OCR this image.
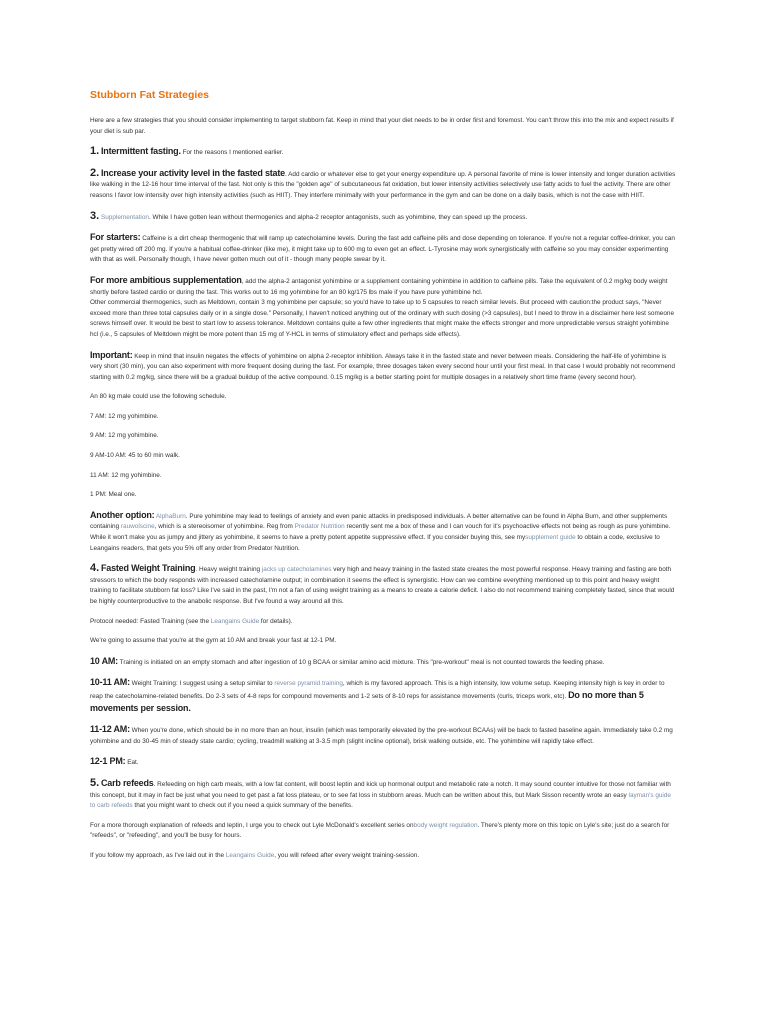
Stubborn Fat Strategies

Here are a few strategies that you should consider implementing to target stubborn fat. Keep in mind that your diet needs to be in order first and foremost. You can't throw this into the mix and expect results if your diet is sub par.

1. Intermittent fasting. For the reasons I mentioned earlier.

2. Increase your activity level in the fasted state. Add cardio or whatever else to get your energy expenditure up. A personal favorite of mine is lower intensity and longer duration activities like walking in the 12-16 hour time interval of the fast. Not only is this the "golden age" of subcutaneous fat oxidation, but lower intensity activities selectively use fatty acids to fuel the activity. There are other reasons I favor low intensity over high intensity activities (such as HIIT). They interfere minimally with your performance in the gym and can be done on a daily basis, which is not the case with HIIT.

3. Supplementation. While I have gotten lean without thermogenics and alpha-2 receptor antagonists, such as yohimbine, they can speed up the process.

For starters: Caffeine is a dirt cheap thermogenic that will ramp up catecholamine levels. During the fast add caffeine pills and dose depending on tolerance. If you're not a regular coffee-drinker, you can get pretty wired off 200 mg. If you're a habitual coffee-drinker (like me), it might take up to 600 mg to even get an effect. L-Tyrosine may work synergistically with caffeine so you may consider experimenting with that as well. Personally though, I have never gotten much out of it - though many people swear by it.

For more ambitious supplementation, add the alpha-2 antagonist yohimbine or a supplement containing yohimbine in addition to caffeine pills. Take the equivalent of 0.2 mg/kg body weight shortly before fasted cardio or during the fast. This works out to 16 mg yohimbine for an 80 kg/175 lbs male if you have pure yohimbine hcl.
Other commercial thermogenics, such as Meltdown, contain 3 mg yohimbine per capsule; so you'd have to take up to 5 capsules to reach similar levels. But proceed with caution:the product says, "Never exceed more than three total capsules daily or in a single dose." Personally, I haven't noticed anything out of the ordinary with such dosing (>3 capsules), but I need to throw in a disclaimer here lest someone screws himself over. It would be best to start low to assess tolerance. Meltdown contains quite a few other ingredients that might make the effects stronger and more unpredictable versus straight yohimbine hcl (i.e., 5 capsules of Meltdown might be more potent than 15 mg of Y-HCL in terms of stimulatory effect and perhaps side effects).

Important: Keep in mind that insulin negates the effects of yohimbine on alpha 2-receptor inhibition. Always take it in the fasted state and never between meals. Considering the half-life of yohimbine is very short (30 min), you can also experiment with more frequent dosing during the fast. For example, three dosages taken every second hour until your first meal. In that case I would probably not recommend starting with 0.2 mg/kg, since there will be a gradual buildup of the active compound. 0.15 mg/kg is a better starting point for multiple dosages in a relatively short time frame (every second hour).

An 80 kg male could use the following schedule.

7 AM: 12 mg yohimbine.

9 AM: 12 mg yohimbine.

9 AM-10 AM: 45 to 60 min walk.

11 AM: 12 mg yohimbine.

1 PM: Meal one.

Another option: AlphaBurn. Pure yohimbine may lead to feelings of anxiety and even panic attacks in predisposed individuals. A better alternative can be found in Alpha Burn, and other supplements containing rauwolscine, which is a stereoisomer of yohimbine. Reg from Predator Nutrition recently sent me a box of these and I can vouch for it's psychoactive effects not being as rough as pure yohimbine. While it won't make you as jumpy and jittery as yohimbine, it seems to have a pretty potent appetite suppressive effect. If you consider buying this, see mysupplement guide to obtain a code, exclusive to Leangains readers, that gets you 5% off any order from Predator Nutrition.

4. Fasted Weight Training. Heavy weight training jacks up catecholamines very high and heavy training in the fasted state creates the most powerful response. Heavy training and fasting are both stressors to which the body responds with increased catecholamine output; in combination it seems the effect is synergistic. How can we combine everything mentioned up to this point and heavy weight training to facilitate stubborn fat loss? Like I've said in the past, I'm not a fan of using weight training as a means to create a calorie deficit. I also do not recommend training completely fasted, since that would be highly counterproductive to the anabolic response. But I've found a way around all this.

Protocol needed: Fasted Training (see the Leangains Guide for details).

We're going to assume that you're at the gym at 10 AM and break your fast at 12-1 PM.

10 AM: Training is initiated on an empty stomach and after ingestion of 10 g BCAA or similar amino acid mixture. This "pre-workout" meal is not counted towards the feeding phase.

10-11 AM: Weight Training: I suggest using a setup similar to reverse pyramid training, which is my favored approach. This is a high intensity, low volume setup. Keeping intensity high is key in order to reap the catecholamine-related benefits. Do 2-3 sets of 4-8 reps for compound movements and 1-2 sets of 8-10 reps for assistance movements (curls, triceps work, etc). Do no more than 5 movements per session.

11-12 AM: When you're done, which should be in no more than an hour, insulin (which was temporarily elevated by the pre-workout BCAAs) will be back to fasted baseline again. Immediately take 0.2 mg yohimbine and do 30-45 min of steady state cardio; cycling, treadmill walking at 3-3.5 mph (slight incline optional), brisk walking outside, etc. The yohimbine will rapidly take effect.

12-1 PM: Eat.

5. Carb refeeds. Refeeding on high carb meals, with a low fat content, will boost leptin and kick up hormonal output and metabolic rate a notch. It may sound counter intuitive for those not familiar with this concept, but it may in fact be just what you need to get past a fat loss plateau, or to see fat loss in stubborn areas. Much can be written about this, but Mark Sisson recently wrote an easy layman's guide to carb refeeds that you might want to check out if you need a quick summary of the benefits.

For a more thorough explanation of refeeds and leptin, I urge you to check out Lyle McDonald's excellent series onbody weight regulation. There's plenty more on this topic on Lyle's site; just do a search for "refeeds", or "refeeding", and you'll be busy for hours.

If you follow my approach, as I've laid out in the Leangains Guide, you will refeed after every weight training-session.
